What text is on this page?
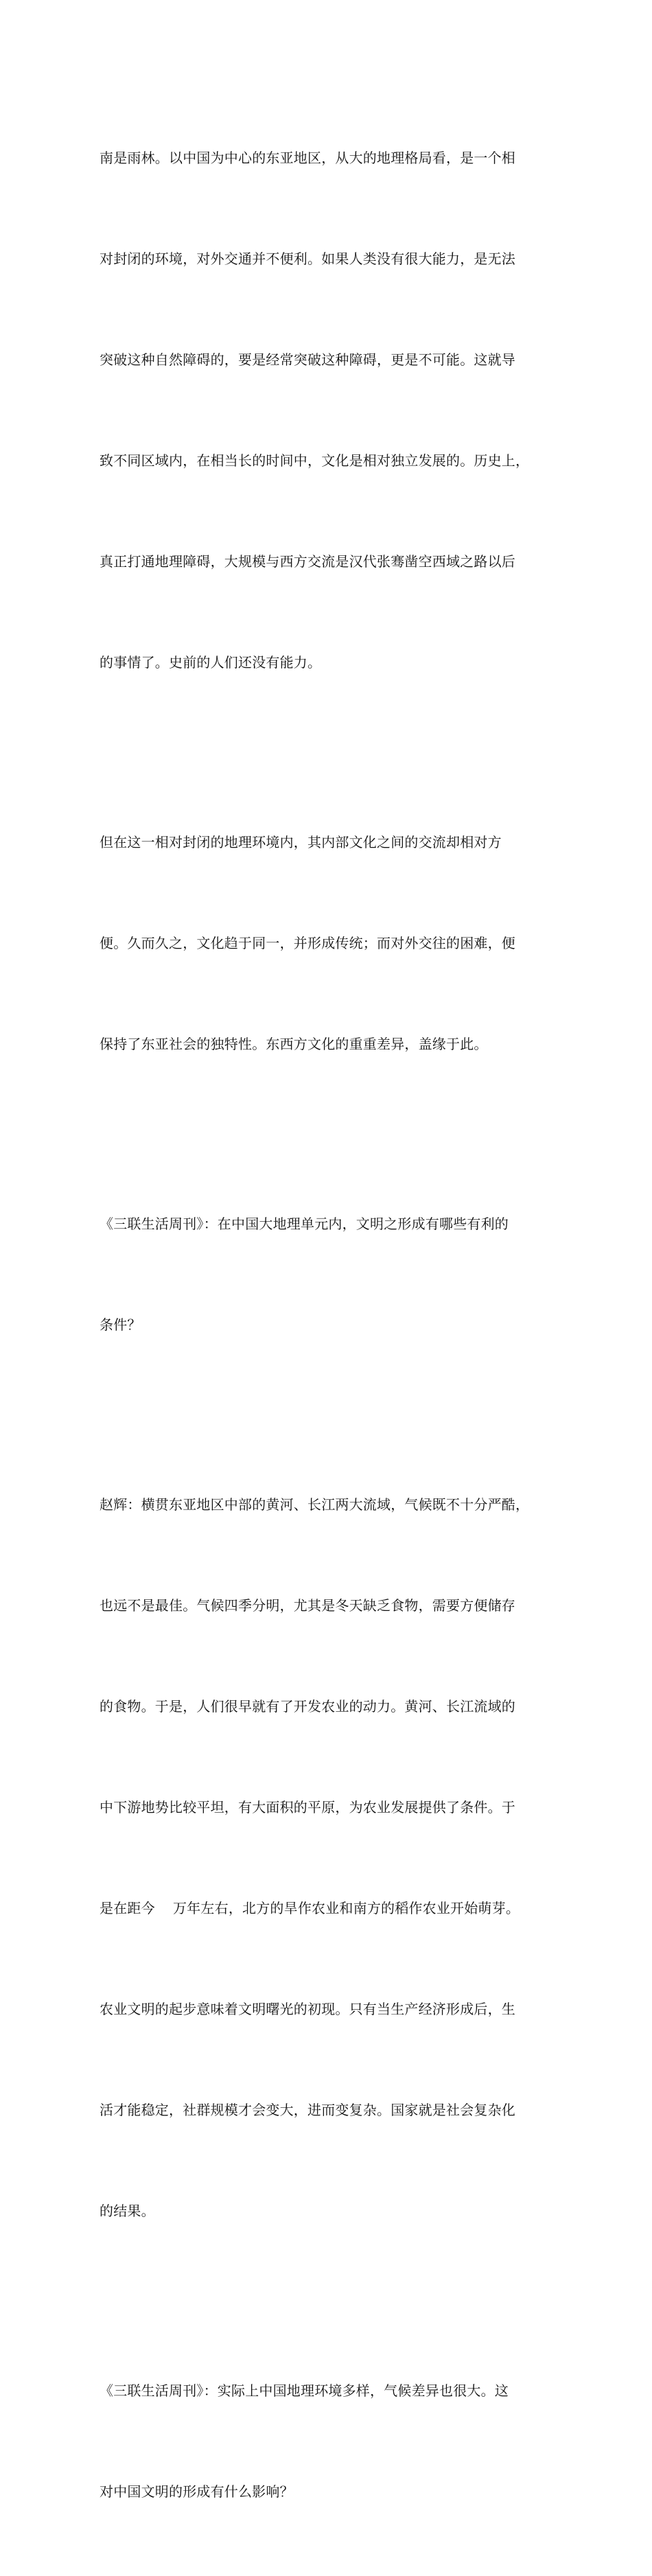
南是雨林。以中国为中心的东亚地区，从大的地理格局看，是一个相

对封闭的环境，对外交通并不便利。如果人类没有很大能力，是无法

突破这种自然障碍的，要是经常突破这种障碍，更是不可能。这就导

致不同区域内，在相当长的时间中，文化是相对独立发展的。历史上，

真正打通地理障碍，大规模与西方交流是汉代张骞凿空西域之路以后

的事情了。史前的人们还没有能力。

但在这一相对封闭的地理环境内，其内部文化之间的交流却相对方

便。久而久之，文化趋于同一，并形成传统；而对外交往的困难，便

保持了东亚社会的独特性。东西方文化的重重差异，盖缘于此。

《三联生活周刊》：在中国大地理单元内，文明之形成有哪些有利的

条件？

赵辉：横贯东亚地区中部的黄河、长江两大流域，气候既不十分严酷，

也远不是最佳。气候四季分明，尤其是冬天缺乏食物，需要方便储存

的食物。于是，人们很早就有了开发农业的动力。黄河、长江流域的

中下游地势比较平坦，有大面积的平原，为农业发展提供了条件。于

是在距今    万年左右，北方的旱作农业和南方的稻作农业开始萌芽。

农业文明的起步意味着文明曙光的初现。只有当生产经济形成后，生

活才能稳定，社群规模才会变大，进而变复杂。国家就是社会复杂化

的结果。

《三联生活周刊》：实际上中国地理环境多样，气候差异也很大。这

对中国文明的形成有什么影响？
